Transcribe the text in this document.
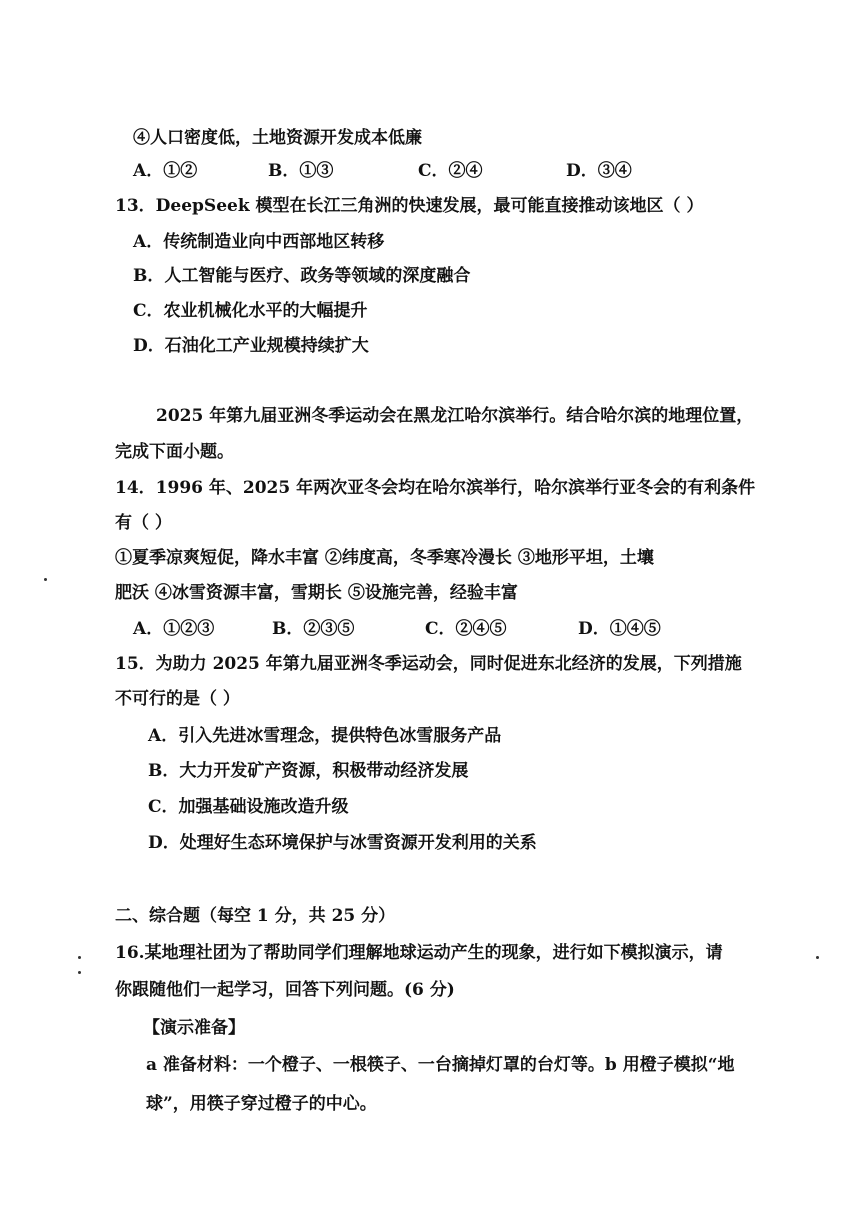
④人口密度低，土地资源开发成本低廉
A．①②	B．①③	C．②④	D．③④
13．DeepSeek 模型在长江三角洲的快速发展，最可能直接推动该地区（ ）
A．传统制造业向中西部地区转移
B．人工智能与医疗、政务等领域的深度融合
C．农业机械化水平的大幅提升
D．石油化工产业规模持续扩大
2025 年第九届亚洲冬季运动会在黑龙江哈尔滨举行。结合哈尔滨的地理位置，
完成下面小题。
14．1996 年、2025 年两次亚冬会均在哈尔滨举行，哈尔滨举行亚冬会的有利条件
有（ ）
①夏季凉爽短促，降水丰富 ②纬度高，冬季寒冷漫长 ③地形平坦，土壤
肥沃 ④冰雪资源丰富，雪期长 ⑤设施完善，经验丰富
A．①②③	B．②③⑤	C．②④⑤	D．①④⑤
15．为助力 2025 年第九届亚洲冬季运动会，同时促进东北经济的发展，下列措施
不可行的是（ ）
A．引入先进冰雪理念，提供特色冰雪服务产品
B．大力开发矿产资源，积极带动经济发展
C．加强基础设施改造升级
D．处理好生态环境保护与冰雪资源开发利用的关系
二、综合题（每空 1 分，共 25 分）
16.某地理社团为了帮助同学们理解地球运动产生的现象，进行如下模拟演示，请
你跟随他们一起学习，回答下列问题。(6 分)
【演示准备】
a 准备材料：一个橙子、一根筷子、一台摘掉灯罩的台灯等。b 用橙子模拟“地
球”，用筷子穿过橙子的中心。
